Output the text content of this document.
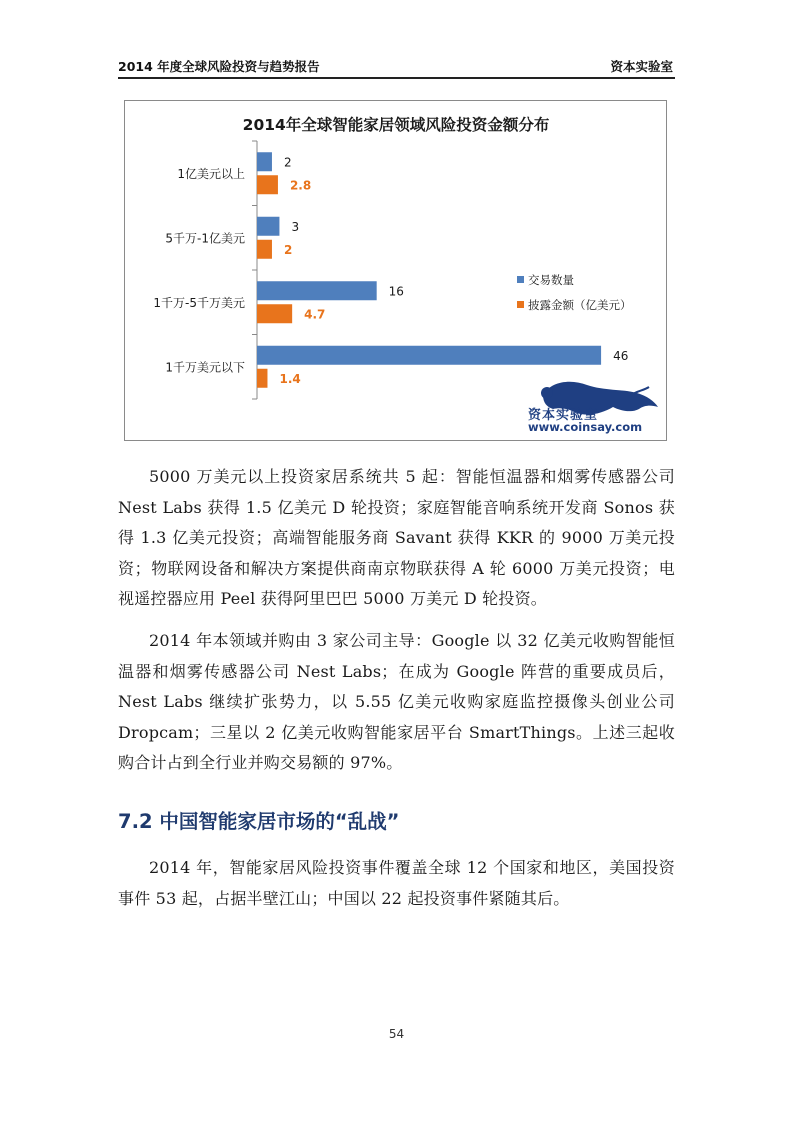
2014 年度全球风险投资与趋势报告	资本实验室
2014年全球智能家居领域风险投资金额分布
1亿美元以上
5千万-1亿美元
1千万-5千万美元
1千万美元以下
2
2.8
3
2
16
4.7
46
1.4
交易数量
披露金额（亿美元）
资本实验室
www.coinsay.com

5000 万美元以上投资家居系统共 5 起：智能恒温器和烟雾传感器公司 Nest Labs 获得 1.5 亿美元 D 轮投资；家庭智能音响系统开发商 Sonos 获得 1.3 亿美元投资；高端智能服务商 Savant 获得 KKR 的 9000 万美元投资；物联网设备和解决方案提供商南京物联获得 A 轮 6000 万美元投资；电视遥控器应用 Peel 获得阿里巴巴 5000 万美元 D 轮投资。

2014 年本领域并购由 3 家公司主导：Google 以 32 亿美元收购智能恒温器和烟雾传感器公司 Nest Labs；在成为 Google 阵营的重要成员后，Nest Labs 继续扩张势力，以 5.55 亿美元收购家庭监控摄像头创业公司 Dropcam；三星以 2 亿美元收购智能家居平台 SmartThings。上述三起收购合计占到全行业并购交易额的 97%。

7.2 中国智能家居市场的“乱战”

2014 年，智能家居风险投资事件覆盖全球 12 个国家和地区，美国投资事件 53 起，占据半壁江山；中国以 22 起投资事件紧随其后。

54
